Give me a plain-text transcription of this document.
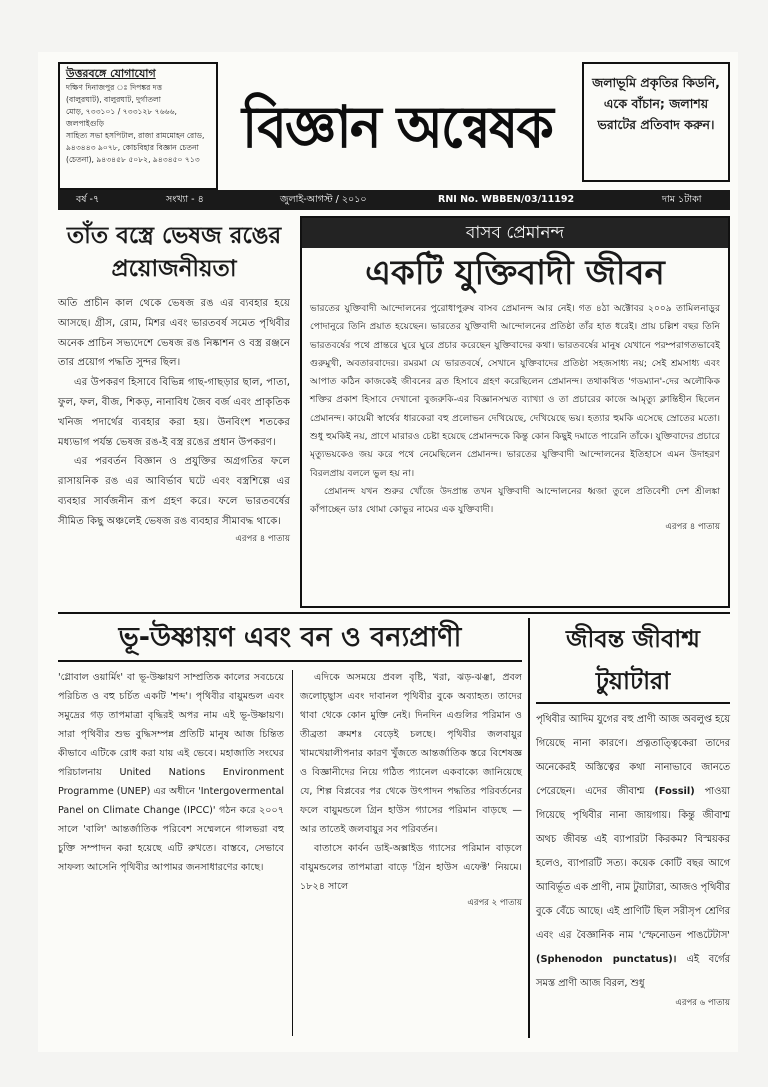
উত্তরবঙ্গে যোগাযোগ

দক্ষিণ দিনাজপুর ঃ দিপঙ্কর দত্ত

(বালুরঘাট), বালুরঘাট, দুর্গাতলা

মোড়, ৭৩৩১০১ / ৭৩৩১২৮ ৭৬৬৬, জলপাইগুড়ি

সাহিত্য সভা হসপিটাল, রাজা রামমোহন রোড,

৯৪৩৪৪৩ ৯০৭৮, কোচবিহার বিজ্ঞান চেতনা

(চেতনা), ৯৪৩৪৫৮ ৫০৮২, ৯৪৩৪৫০ ৭১৩ বিজ্ঞান অন্বেষক
জলাভূমি প্রকৃতির কিডনি, একে বাঁচান; জলাশয় ভরাটের প্রতিবাদ করুন।
বর্ষ -৭	সংখ্যা - ৪	জুলাই-আগস্ট / ২০১০	RNI No. WBBEN/03/11192	দাম ১টাকা
তাঁত বস্ত্রে ভেষজ রঙের প্রয়োজনীয়তা

অতি প্রাচীন কাল থেকে ভেষজ রঙ এর ব্যবহার হয়ে আসছে। গ্রীস, রোম, মিশর এবং ভারতবর্ষ সমেত পৃথিবীর অনেক প্রাচিন সভ্যদেশে ভেষজ রঙ নিষ্কাশন ও বস্ত্র রঞ্জনে তার প্রয়োগ পদ্ধতি সুন্দর ছিল।

এর উপকরণ হিসাবে বিভিন্ন গাছ-গাছড়ার ছাল, পাতা, ফুল, ফল, বীজ, শিকড়, নানাবিধ জৈব বর্জ এবং প্রাকৃতিক খনিজ পদার্থের ব্যবহার করা হয়। উনবিংশ শতকের মধ্যভাগ পর্যন্ত ভেষজ রঙ-ই বস্ত্র রঙের প্রধান উপকরণ।

এর পরবর্তন বিজ্ঞান ও প্রযুক্তির অগ্রগতির ফলে রাসায়নিক রঙ এর আবির্ভাব ঘটে এবং বস্ত্রশিল্পে এর ব্যবহার সার্বজনীন রূপ গ্রহণ করে। ফলে ভারতবর্ষের সীমিত কিছু অঞ্চলেই ভেষজ রঙ ব্যবহার সীমাবদ্ধ থাকে।

এরপর ৪ পাতায়
বাসব প্রেমানন্দ
একটি যুক্তিবাদী জীবন

ভারতের যুক্তিবাদী আন্দোলনের পুরোধাপুরুষ বাসব প্রেমানন্দ আর নেই। গত ৪ঠা অক্টোবর ২০০৯ তামিলনাড়ুর পোদানুরে তিনি প্রয়াত হয়েছেন। ভারতের যুক্তিবাদী আন্দোলনের প্রতিষ্ঠা তাঁর হাত ধরেই। প্রায় চল্লিশ বছর তিনি ভারতবর্ষের পথে প্রান্তরে ঘুরে ঘুরে প্রচার করেছেন যুক্তিবাদের কথা। ভারতবর্ষের মানুষ যেখানে পরম্পরাগতভাবেই গুরুমুখী, অবতারবাদের। রমরমা যে ভারতবর্ষে, সেখানে যুক্তিবাদের প্রতিষ্ঠা সহজসাধ্য নয়; সেই শ্রমসাধ্য এবং আপাত কঠিন কাজকেই জীবনের ব্রত হিসাবে গ্রহণ করেছিলেন প্রেমানন্দ। তথাকথিত 'গডম্যান'-দের অলৌকিক শক্তির প্রকাশ হিসাবে দেখানো বুজরুকি-এর বিজ্ঞানসম্মত ব্যাখ্যা ও তা প্রচারের কাজে আমৃত্যু ক্লান্তিহীন ছিলেন প্রেমানন্দ। কায়েমী স্বার্থের ধারকেরা বহু প্রলোভন দেখিয়েছে, দেখিয়েছে ভয়। হত্যার হুমকি এসেছে স্রোতের মতো। শুধু হুমকিই নয়, প্রাণে মারারও চেষ্টা হয়েছে প্রেমানন্দকে কিন্তু কোন কিছুই দমাতে পারেনি তাঁকে। যুক্তিবাদের প্রচারে মৃত্যুভয়কেও জয় করে পথে নেমেছিলেন প্রেমানন্দ। ভারতের যুক্তিবাদী আন্দোলনের ইতিহাসে এমন উদাহরণ বিরলপ্রায় বললে ভুল হয় না।

প্রেমানন্দ যখন শুরুর খোঁজে উদপ্রান্ত তখন যুক্তিবাদী আন্দোলনের ধ্বজা তুলে প্রতিবেশী দেশ শ্রীলঙ্কা কাঁপাচ্ছেন ডাঃ থোমা কোভুর নামের এক যুক্তিবাদী।

এরপর ৪ পাতায়
ভূ-উষ্ণায়ণ এবং বন ও বন্যপ্রাণী

'গ্লোবাল ওয়ার্মিং' বা ভূ-উষ্ণায়ণ সাম্প্রতিক কালের সবচেয়ে পরিচিত ও বহু চর্চিত একটি 'শব্দ'। পৃথিবীর বায়ুমন্ডল এবং সমুদ্রের গড় তাপমাত্রা বৃদ্ধিরই অপর নাম এই ভূ-উষ্ণায়ণ। সারা পৃথিবীর শুভ বুদ্ধিসম্পন্ন প্রতিটি মানুষ আজ চিন্তিত কীভাবে এটিকে রোধ করা যায় এই ভেবে। মহাজাতি সংঘের পরিচালনায় United Nations Environment Programme (UNEP) এর অধীনে 'Intergovermental Panel on Climate Change (IPCC)' গঠন করে ২০০৭ সালে 'বালি' আন্তর্জাতিক পরিবেশ সম্মেলনে গালভরা বহু চুক্তি সম্পাদন করা হয়েছে এটি রুখতে। বাস্তবে, সেভাবে সাফল্য আসেনি পৃথিবীর আপামর জনসাধারণের কাছে।

এদিকে অসময়ে প্রবল বৃষ্টি, খরা, ঝড়-ঝঞ্ঝা, প্রবল জলোচ্ছ্বাস এবং দাবানল পৃথিবীর বুকে অব্যাহত। তাদের থাবা থেকে কোন মুক্তি নেই। দিনদিন এগুলির পরিমান ও তীব্রতা ক্রমশঃ বেড়েই চলছে। পৃথিবীর জলবায়ুর খামখেয়ালীপনার কারণ খুঁজতে আন্তর্জাতিক স্তরে বিশেষজ্ঞ ও বিজ্ঞানীদের নিয়ে গঠিত প্যানেল একবাক্যে জানিয়েছে যে, শিল্প বিপ্লবের পর থেকে উৎপাদন পদ্ধতির পরিবর্তনের ফলে বায়ুমন্ডলে গ্রিন হাউস গ্যাসের পরিমান বাড়ছে — আর তাতেই জলবায়ুর সব পরিবর্তন।

বাতাসে কার্বন ডাই-অক্সাইড গ্যাসের পরিমান বাড়লে বায়ুমন্ডলের তাপমাত্রা বাড়ে 'গ্রিন হাউস এফেক্ট' নিয়মে। ১৮২৪ সালে

এরপর ২ পাতায়
জীবন্ত জীবাশ্ম টুয়াটারা

পৃথিবীর আদিম যুগের বহু প্রাণী আজ অবলুপ্ত হয়ে গিয়েছে নানা কারণে। প্রত্নতাত্ত্বিকেরা তাদের অনেকেরই অস্তিত্বের কথা নানাভাবে জানতে পেরেছেন। এদের জীবাশ্ম (Fossil) পাওয়া গিয়েছে পৃথিবীর নানা জায়গায়। কিন্তু জীবাশ্ম অথচ জীবন্ত এই ব্যাপারটা কিরকম? বিস্ময়কর হলেও, ব্যাপারটি সত্য। কয়েক কোটি বছর আগে আবির্ভূত এক প্রাণী, নাম টুয়াটারা, আজও পৃথিবীর বুকে বেঁচে আছে। এই প্রাণিটি ছিল সরীসৃপ শ্রেণির এবং এর বৈজ্ঞানিক নাম 'স্ফেনোডন পাঙটেটাস' (Sphenodon punctatus)। এই বর্গের সমস্ত প্রাণী আজ বিরল, শুধু

এরপর ৬ পাতায়
